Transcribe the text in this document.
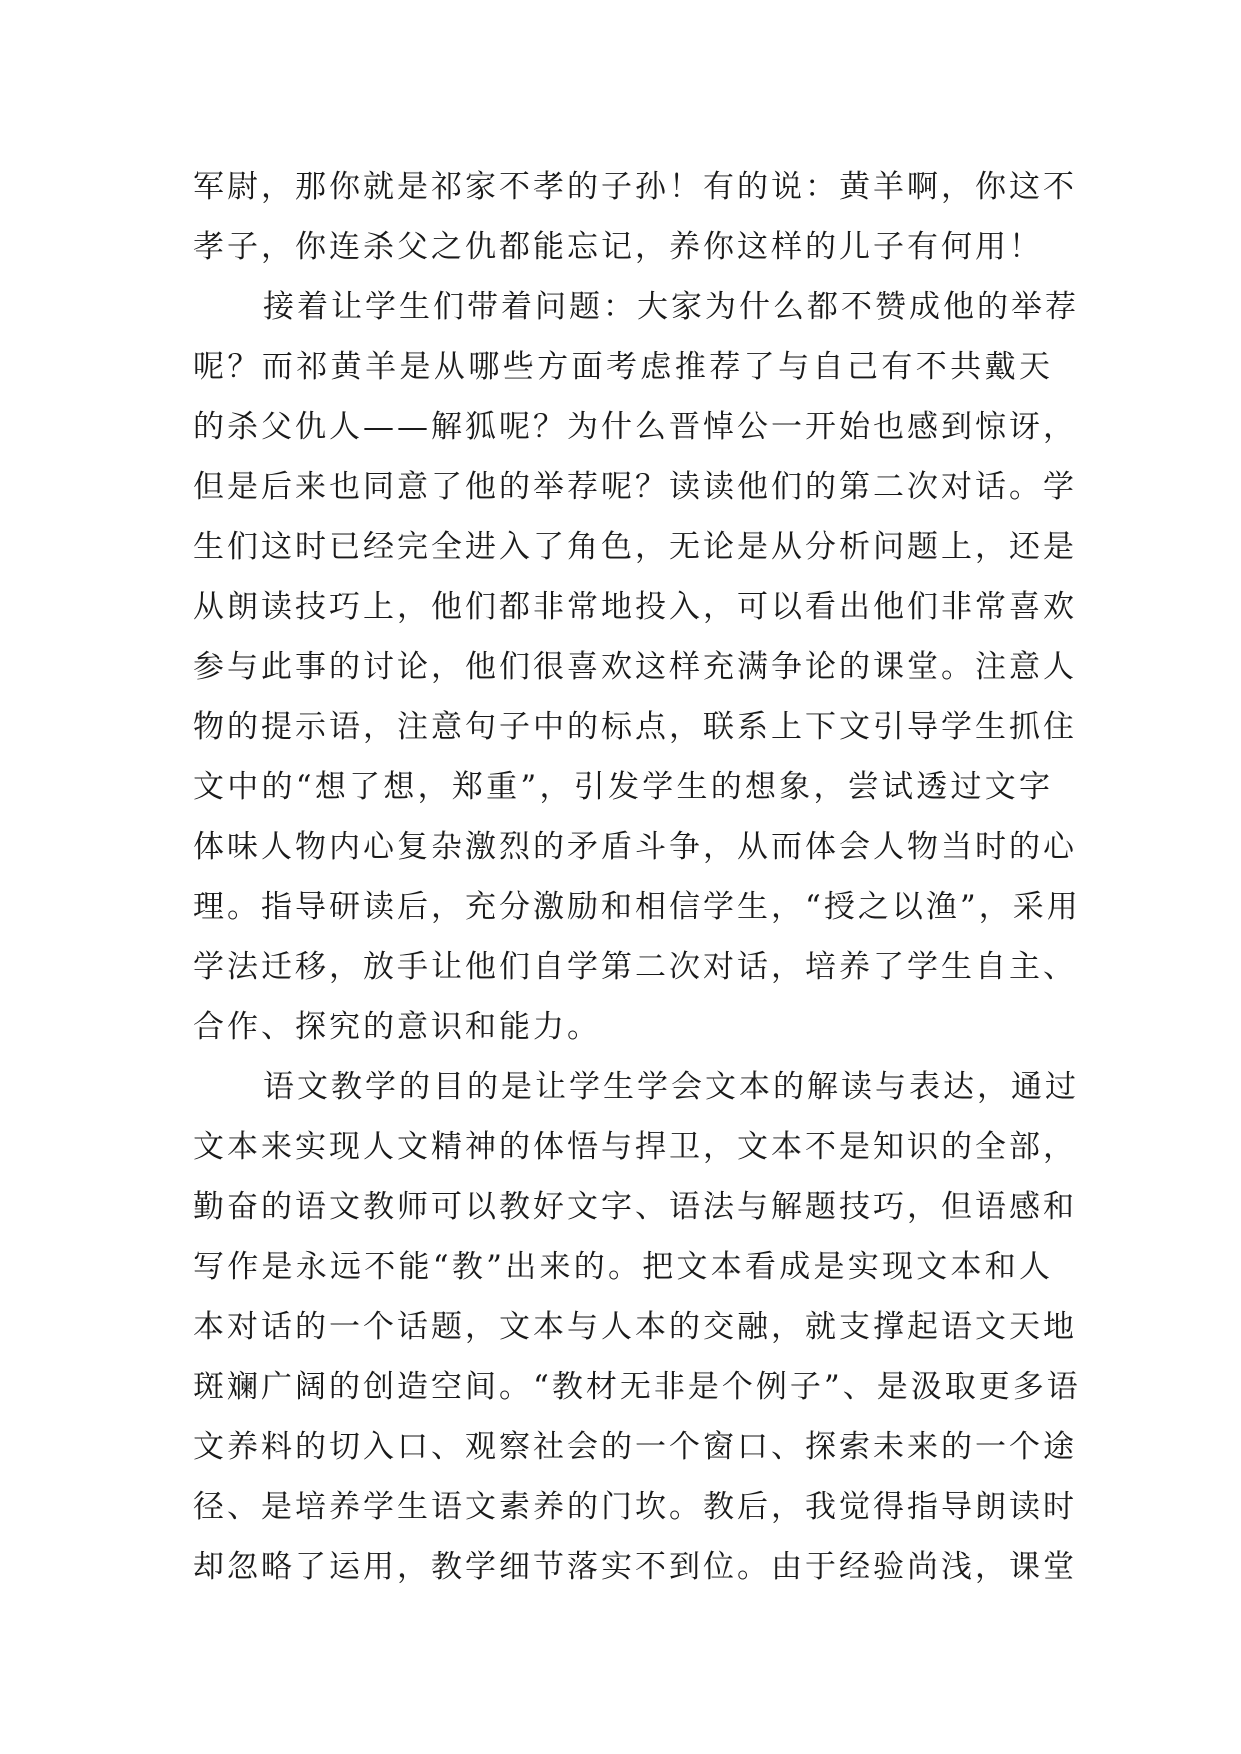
军尉，那你就是祁家不孝的子孙！有的说：黄羊啊，你这不
孝子，你连杀父之仇都能忘记，养你这样的儿子有何用！
接着让学生们带着问题：大家为什么都不赞成他的举荐
呢？而祁黄羊是从哪些方面考虑推荐了与自己有不共戴天
的杀父仇人——解狐呢？为什么晋悼公一开始也感到惊讶，
但是后来也同意了他的举荐呢？读读他们的第二次对话。学
生们这时已经完全进入了角色，无论是从分析问题上，还是
从朗读技巧上，他们都非常地投入，可以看出他们非常喜欢
参与此事的讨论，他们很喜欢这样充满争论的课堂。注意人
物的提示语，注意句子中的标点，联系上下文引导学生抓住
文中的“想了想，郑重”，引发学生的想象，尝试透过文字
体味人物内心复杂激烈的矛盾斗争，从而体会人物当时的心
理。指导研读后，充分激励和相信学生，“授之以渔”，采用
学法迁移，放手让他们自学第二次对话，培养了学生自主、
合作、探究的意识和能力。
语文教学的目的是让学生学会文本的解读与表达，通过
文本来实现人文精神的体悟与捍卫，文本不是知识的全部，
勤奋的语文教师可以教好文字、语法与解题技巧，但语感和
写作是永远不能“教”出来的。把文本看成是实现文本和人
本对话的一个话题，文本与人本的交融，就支撑起语文天地
斑斓广阔的创造空间。“教材无非是个例子”、是汲取更多语
文养料的切入口、观察社会的一个窗口、探索未来的一个途
径、是培养学生语文素养的门坎。教后，我觉得指导朗读时
却忽略了运用，教学细节落实不到位。由于经验尚浅，课堂
